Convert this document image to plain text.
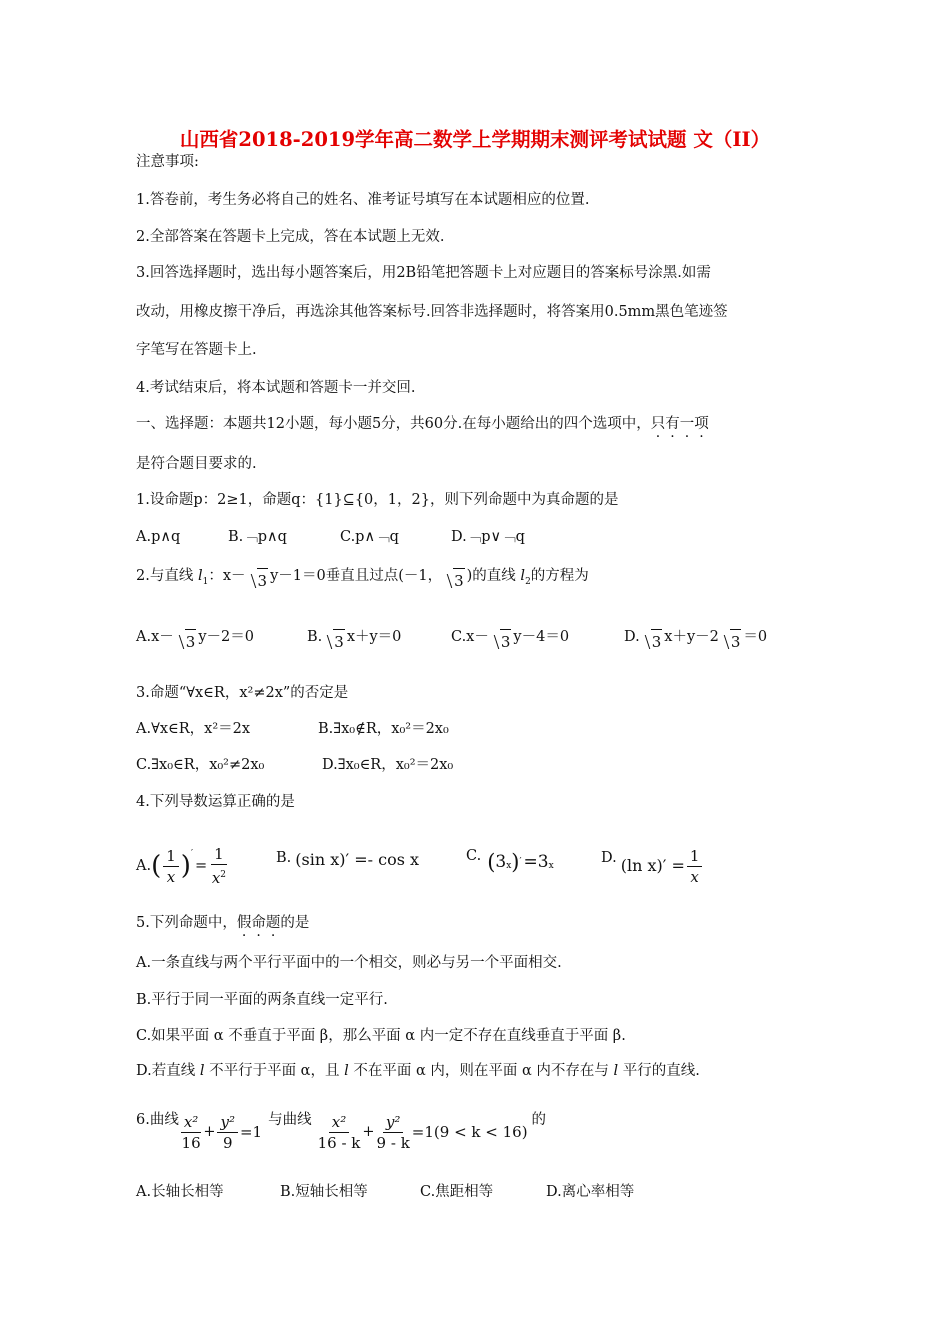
山西省2018-2019学年高二数学上学期期末测评考试试题 文（II）
注意事项:
1.答卷前，考生务必将自己的姓名、准考证号填写在本试题相应的位置.
2.全部答案在答题卡上完成，答在本试题上无效.
3.回答选择题时，选出每小题答案后，用2B铅笔把答题卡上对应题目的答案标号涂黑.如需
改动，用橡皮擦干净后，再选涂其他答案标号.回答非选择题时，将答案用0.5mm黑色笔迹签
字笔写在答题卡上.
4.考试结束后，将本试题和答题卡一并交回.
一、选择题：本题共12小题，每小题5分，共60分.在每小题给出的四个选项中，只有一项
是符合题目要求的.
1.设命题p：2≥1，命题q：{1}⊆{0，1，2}，则下列命题中为真命题的是
A.p∧q	B.﹁p∧q	C.p∧﹁q	D.﹁p∨﹁q
2.与直线 $l_1$：x－ 3 y－1＝0垂直且过点(－1， 3 )的直线 $l_2$的方程为
A.x－ 3 y－2＝0	B. 3 x＋y＝0	C.x－ 3 y－4＝0	D. 3 x＋y－2 3 ＝0
3.命题“∀x∈R，x²≠2x”的否定是
A.∀x∈R，x²＝2x	B.∃x₀∉R，x₀²＝2x₀
C.∃x₀∈R，x₀²≠2x₀	D.∃x₀∈R，x₀²＝2x₀
4.下列导数运算正确的是
A. ( $\frac{1}{x} )'$
= $\frac{1}{x^2}$	B. (sin x)′ =- cos x	C. ( $3_x$ ) ′ $=3_x$	D. (ln $x)' = \frac{1}{x}$
5.下列命题中，假命题的是
A.一条直线与两个平行平面中的一个相交，则必与另一个平面相交.
B.平行于同一平面的两条直线一定平行.
C.如果平面 α 不垂直于平面 β，那么平面 α 内一定不存在直线垂直于平面 β.
D.若直线 l 不平行于平面 α，且 l 不在平面 α 内，则在平面 α 内不存在与 l 平行的直线.
6.曲线 $\frac{\text{x²}}{16} + \frac{\text{y²}}{9} =1$
与曲线 $\frac{\text{x²}}{16 - k} + \frac{\text{y²}}{9 - k} =1(9 < k < 16)$
的
A.长轴长相等	B.短轴长相等	C.焦距相等	D.离心率相等
